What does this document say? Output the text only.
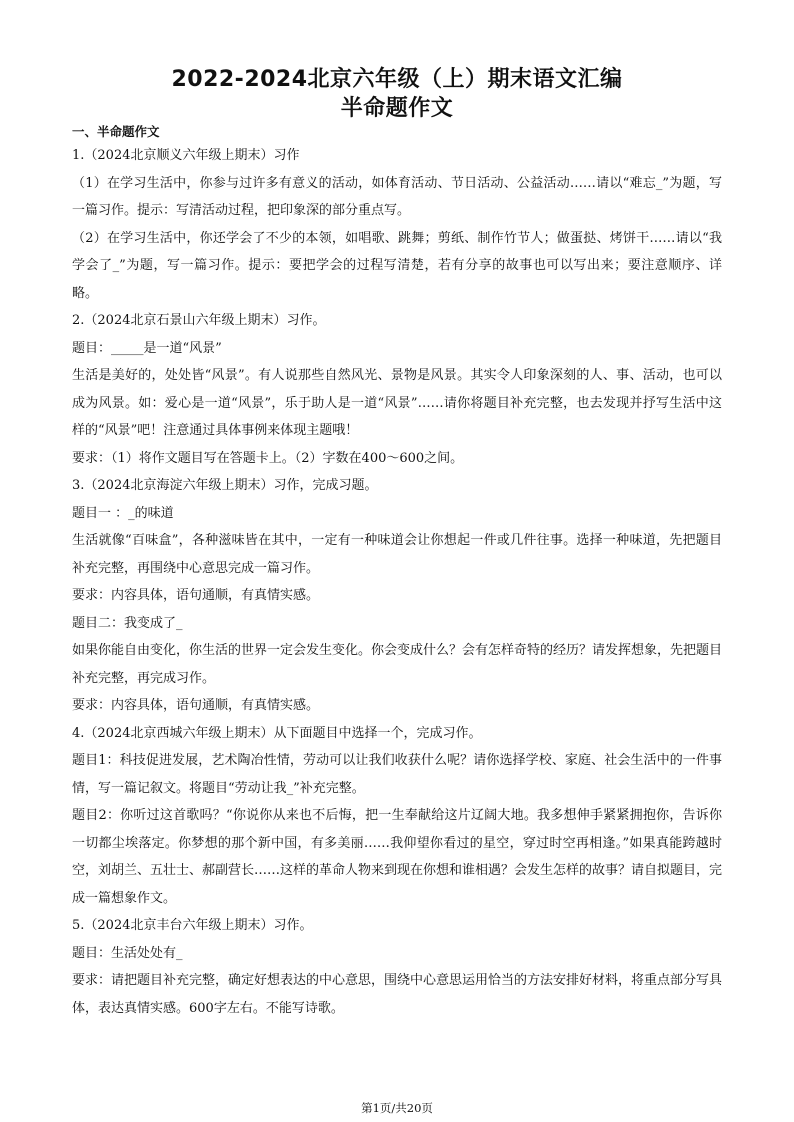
2022-2024北京六年级（上）期末语文汇编
半命题作文
一、半命题作文

1.（2024北京顺义六年级上期末）习作

（1）在学习生活中，你参与过许多有意义的活动，如体育活动、节日活动、公益活动……请以“难忘_”为题，写一篇习作。提示：写清活动过程，把印象深的部分重点写。

（2）在学习生活中，你还学会了不少的本领，如唱歌、跳舞；剪纸、制作竹节人；做蛋挞、烤饼干……请以“我学会了_”为题，写一篇习作。提示：要把学会的过程写清楚，若有分享的故事也可以写出来；要注意顺序、详略。

2.（2024北京石景山六年级上期末）习作。

题目：_____是一道“风景”

生活是美好的，处处皆“风景”。有人说那些自然风光、景物是风景。其实令人印象深刻的人、事、活动，也可以成为风景。如：爱心是一道“风景”，乐于助人是一道“风景”……请你将题目补充完整，也去发现并抒写生活中这样的“风景”吧！注意通过具体事例来体现主题哦！

要求：（1）将作文题目写在答题卡上。（2）字数在400～600之间。

3.（2024北京海淀六年级上期末）习作，完成习题。

题目一 ：_的味道

生活就像“百味盒”，各种滋味皆在其中，一定有一种味道会让你想起一件或几件往事。选择一种味道，先把题目补充完整，再围绕中心意思完成一篇习作。

要求：内容具体，语句通顺，有真情实感。

题目二：我变成了_

如果你能自由变化，你生活的世界一定会发生变化。你会变成什么？会有怎样奇特的经历？请发挥想象，先把题目补充完整，再完成习作。

要求：内容具体，语句通顺，有真情实感。

4.（2024北京西城六年级上期末）从下面题目中选择一个，完成习作。

题目1：科技促进发展，艺术陶冶性情，劳动可以让我们收获什么呢？请你选择学校、家庭、社会生活中的一件事情，写一篇记叙文。将题目“劳动让我_”补充完整。

题目2：你听过这首歌吗？“你说你从来也不后悔，把一生奉献给这片辽阔大地。我多想伸手紧紧拥抱你，告诉你一切都尘埃落定。你梦想的那个新中国，有多美丽……我仰望你看过的星空，穿过时空再相逢。”如果真能跨越时空，刘胡兰、五壮士、郝副营长……这样的革命人物来到现在你想和谁相遇？会发生怎样的故事？请自拟题目，完成一篇想象作文。

5.（2024北京丰台六年级上期末）习作。

题目：生活处处有_

要求：请把题目补充完整，确定好想表达的中心意思，围绕中心意思运用恰当的方法安排好材料，将重点部分写具体，表达真情实感。600字左右。不能写诗歌。

第1页/共20页
